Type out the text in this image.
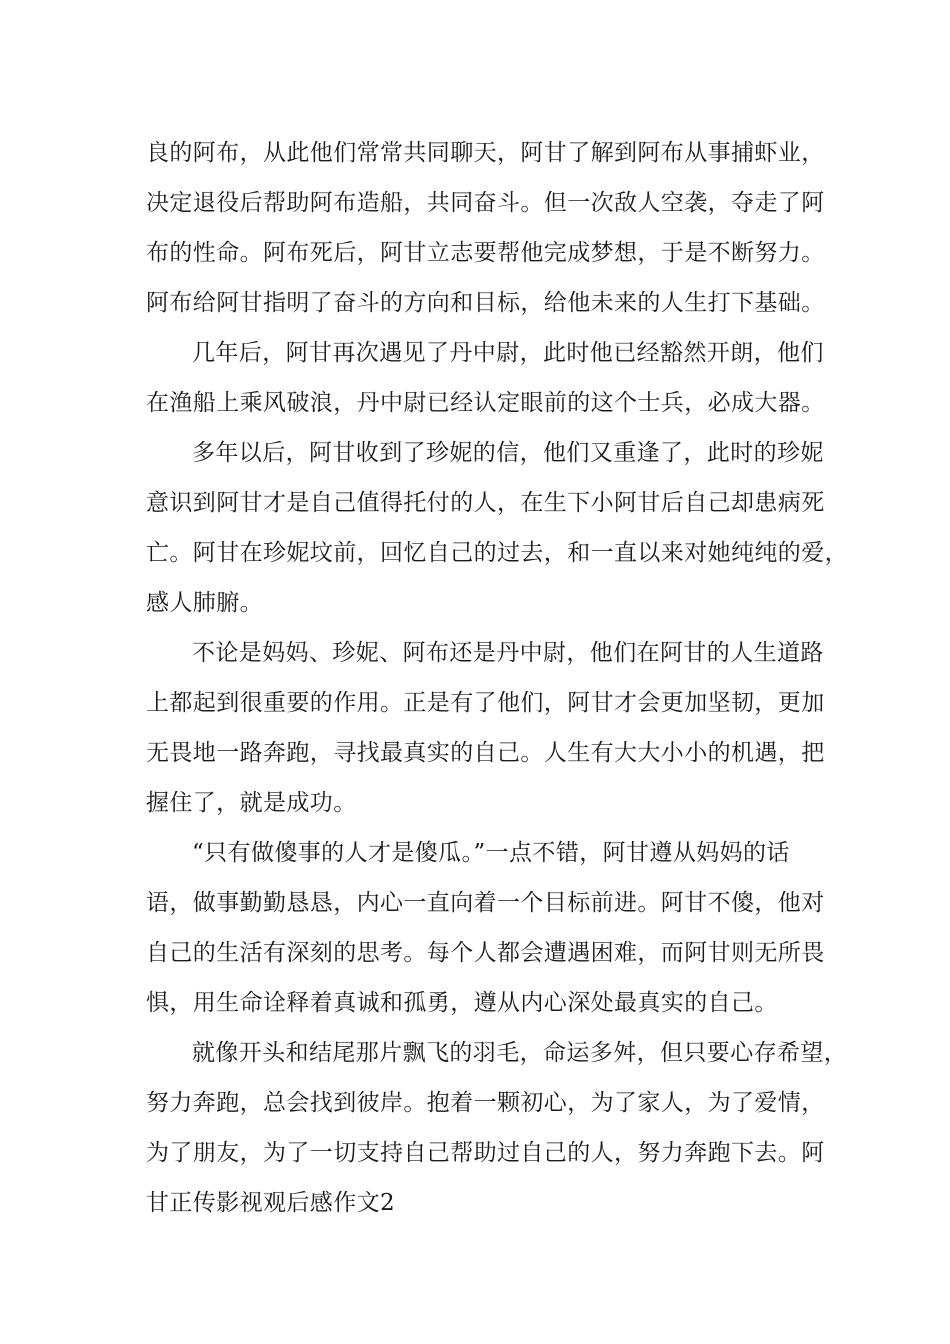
良的阿布，从此他们常常共同聊天，阿甘了解到阿布从事捕虾业，
决定退役后帮助阿布造船，共同奋斗。但一次敌人空袭，夺走了阿
布的性命。阿布死后，阿甘立志要帮他完成梦想，于是不断努力。
阿布给阿甘指明了奋斗的方向和目标，给他未来的人生打下基础。
几年后，阿甘再次遇见了丹中尉，此时他已经豁然开朗，他们
在渔船上乘风破浪，丹中尉已经认定眼前的这个士兵，必成大器。
多年以后，阿甘收到了珍妮的信，他们又重逢了，此时的珍妮
意识到阿甘才是自己值得托付的人，在生下小阿甘后自己却患病死
亡。阿甘在珍妮坟前，回忆自己的过去，和一直以来对她纯纯的爱，
感人肺腑。
不论是妈妈、珍妮、阿布还是丹中尉，他们在阿甘的人生道路
上都起到很重要的作用。正是有了他们，阿甘才会更加坚韧，更加
无畏地一路奔跑，寻找最真实的自己。人生有大大小小的机遇，把
握住了，就是成功。
“只有做傻事的人才是傻瓜。”一点不错，阿甘遵从妈妈的话
语，做事勤勤恳恳，内心一直向着一个目标前进。阿甘不傻，他对
自己的生活有深刻的思考。每个人都会遭遇困难，而阿甘则无所畏
惧，用生命诠释着真诚和孤勇，遵从内心深处最真实的自己。
就像开头和结尾那片飘飞的羽毛，命运多舛，但只要心存希望，
努力奔跑，总会找到彼岸。抱着一颗初心，为了家人，为了爱情，
为了朋友，为了一切支持自己帮助过自己的人，努力奔跑下去。阿
甘正传影视观后感作文2
